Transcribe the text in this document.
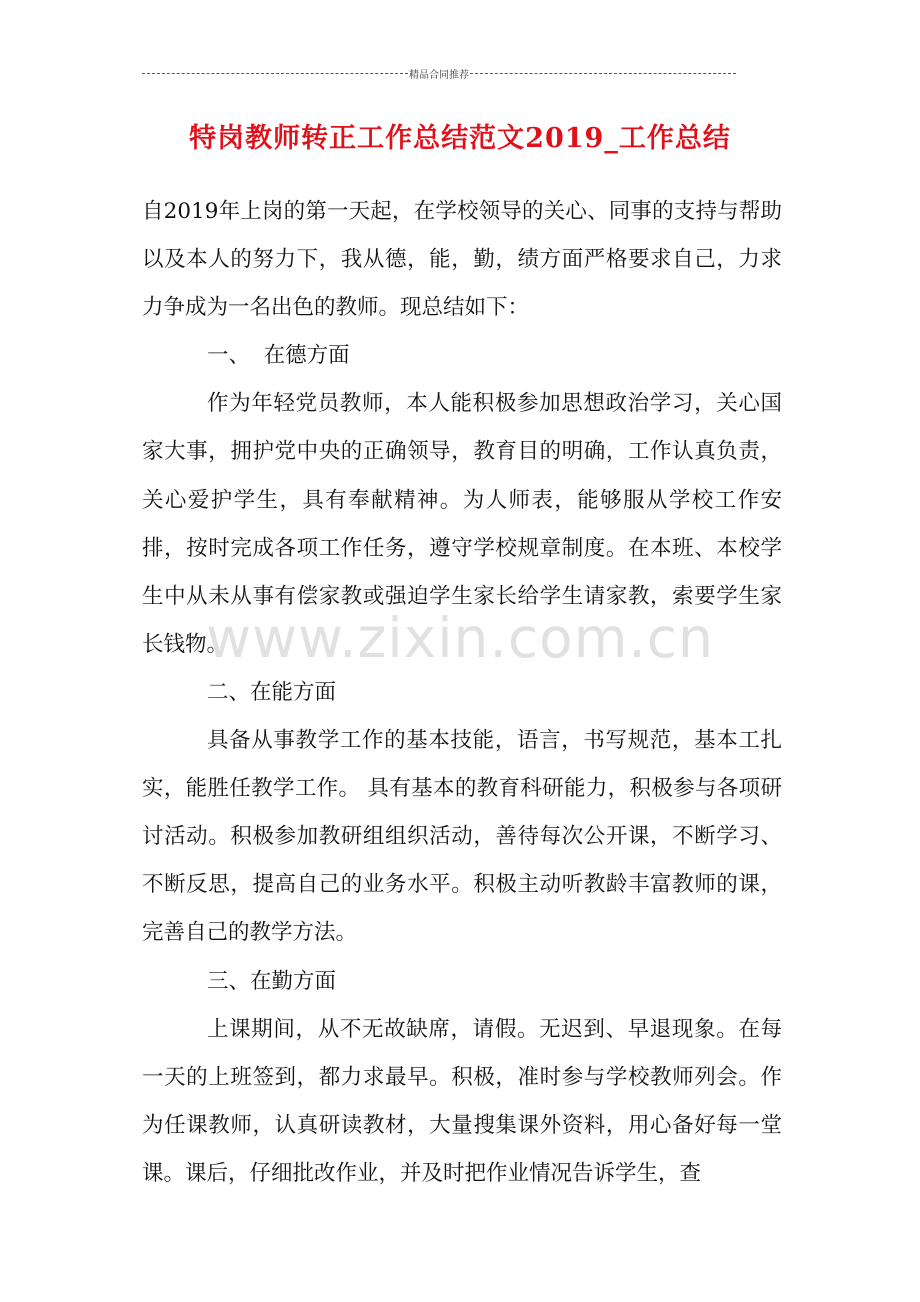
精品合同推荐
特岗教师转正工作总结范文2019_工作总结

自2019年上岗的第一天起，在学校领导的关心、同事的支持与帮助以及本人的努力下，我从德，能，勤，绩方面严格要求自己，力求力争成为一名出色的教师。现总结如下：

一、  在德方面

作为年轻党员教师，本人能积极参加思想政治学习，关心国家大事，拥护党中央的正确领导，教育目的明确，工作认真负责，关心爱护学生，具有奉献精神。为人师表，能够服从学校工作安排，按时完成各项工作任务，遵守学校规章制度。在本班、本校学生中从未从事有偿家教或强迫学生家长给学生请家教，索要学生家长钱物。

二、在能方面

具备从事教学工作的基本技能，语言，书写规范，基本工扎实，能胜任教学工作。 具有基本的教育科研能力，积极参与各项研讨活动。积极参加教研组组织活动，善待每次公开课，不断学习、不断反思，提高自己的业务水平。积极主动听教龄丰富教师的课，完善自己的教学方法。

三、在勤方面

上课期间，从不无故缺席，请假。无迟到、早退现象。在每一天的上班签到，都力求最早。积极，准时参与学校教师列会。作为任课教师，认真研读教材，大量搜集课外资料，用心备好每一堂课。课后，仔细批改作业，并及时把作业情况告诉学生，查

www.zixin.com.cn
